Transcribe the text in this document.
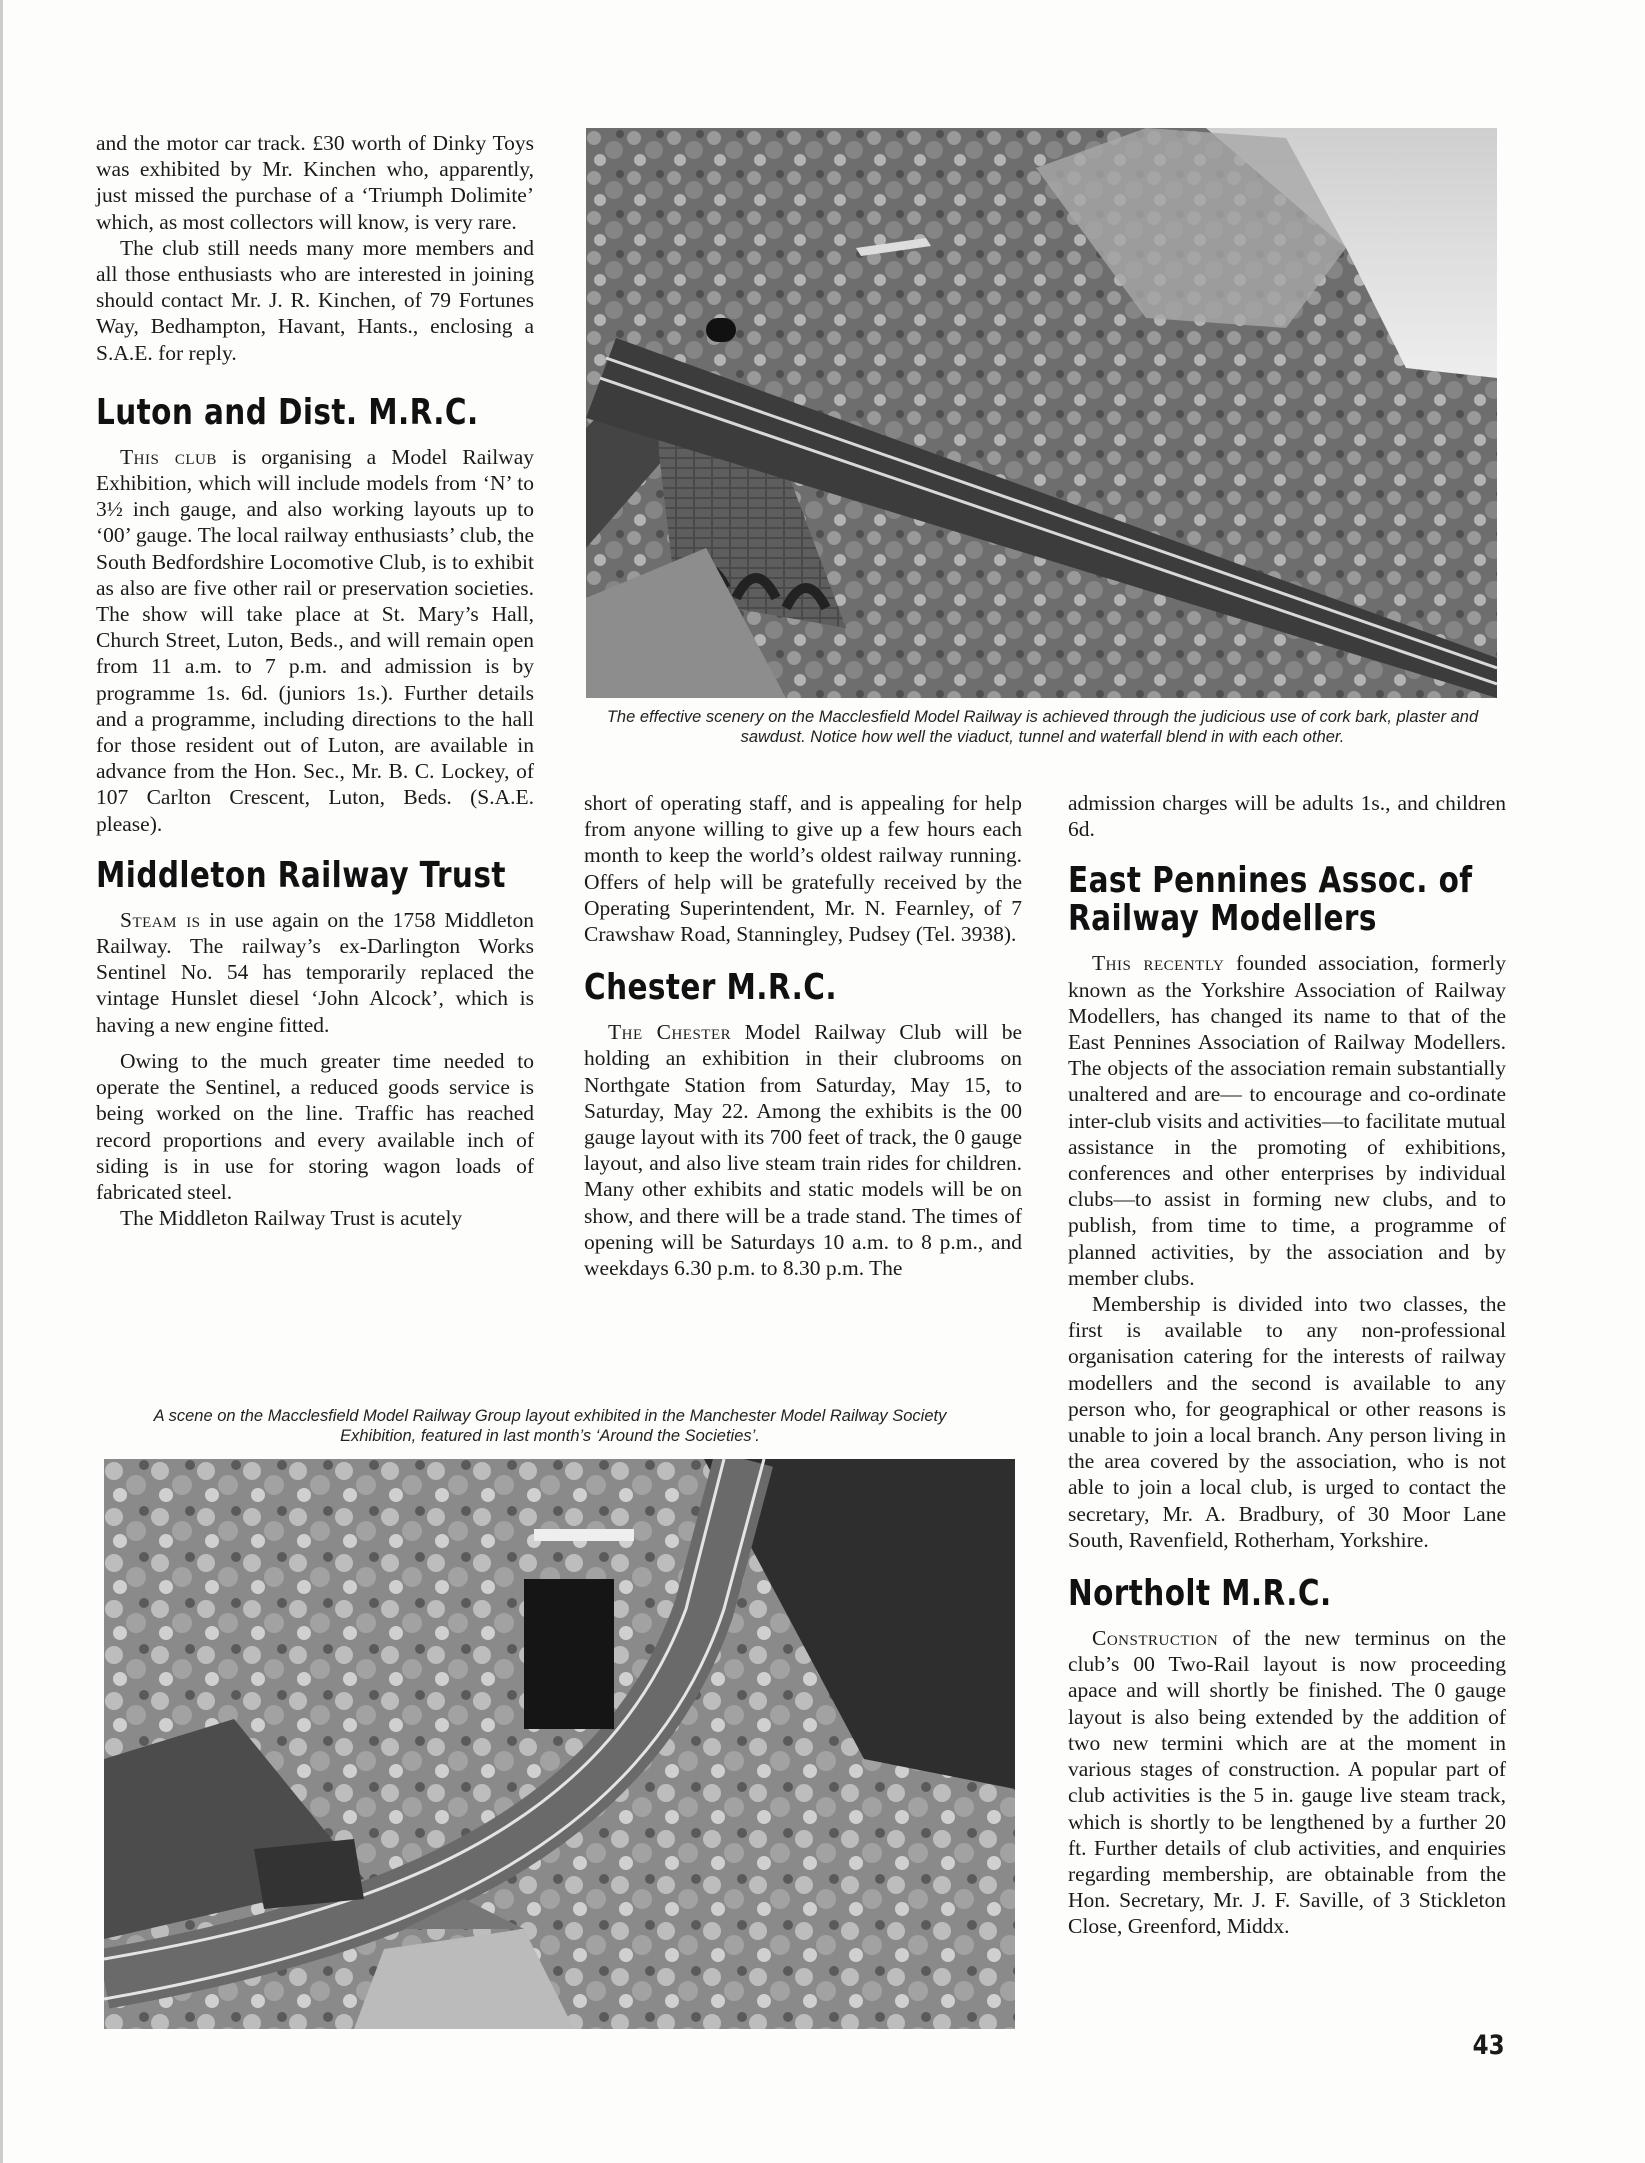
and the motor car track. £30 worth of Dinky Toys was exhibited by Mr. Kinchen who, apparently, just missed the purchase of a ‘Triumph Dolimite’ which, as most collectors will know, is very rare.

The club still needs many more members and all those enthusiasts who are interested in joining should contact Mr. J. R. Kinchen, of 79 Fortunes Way, Bedhampton, Havant, Hants., enclosing a S.A.E. for reply.

Luton and Dist. M.R.C.

This club is organising a Model Railway Exhibition, which will include models from ‘N’ to 3½ inch gauge, and also working layouts up to ‘00’ gauge. The local railway enthusiasts’ club, the South Bedfordshire Locomotive Club, is to exhibit as also are five other rail or preservation societies. The show will take place at St. Mary’s Hall, Church Street, Luton, Beds., and will remain open from 11 a.m. to 7 p.m. and admission is by programme 1s. 6d. (juniors 1s.). Further details and a programme, including directions to the hall for those resident out of Luton, are available in advance from the Hon. Sec., Mr. B. C. Lockey, of 107 Carlton Crescent, Luton, Beds. (S.A.E. please).

Middleton Railway Trust

Steam is in use again on the 1758 Middleton Railway. The railway’s ex-Darlington Works Sentinel No. 54 has temporarily replaced the vintage Hunslet diesel ‘John Alcock’, which is having a new engine fitted.

Owing to the much greater time needed to operate the Sentinel, a reduced goods service is being worked on the line. Traffic has reached record proportions and every available inch of siding is in use for storing wagon loads of fabricated steel.

The Middleton Railway Trust is acutely

The effective scenery on the Macclesfield Model Railway is achieved through the judicious use of cork bark, plaster and sawdust. Notice how well the viaduct, tunnel and waterfall blend in with each other.

short of operating staff, and is appealing for help from anyone willing to give up a few hours each month to keep the world’s oldest railway running. Offers of help will be gratefully received by the Operating Superintendent, Mr. N. Fearnley, of 7 Crawshaw Road, Stanningley, Pudsey (Tel. 3938).

Chester M.R.C.

The Chester Model Railway Club will be holding an exhibition in their clubrooms on Northgate Station from Saturday, May 15, to Saturday, May 22. Among the exhibits is the 00 gauge layout with its 700 feet of track, the 0 gauge layout, and also live steam train rides for children. Many other exhibits and static models will be on show, and there will be a trade stand. The times of opening will be Saturdays 10 a.m. to 8 p.m., and weekdays 6.30 p.m. to 8.30 p.m. The

A scene on the Macclesfield Model Railway Group layout exhibited in the Manchester Model Railway Society Exhibition, featured in last month’s ‘Around the Societies’.

admission charges will be adults 1s., and children 6d.

East Pennines Assoc. of
Railway Modellers

This recently founded association, formerly known as the Yorkshire Association of Railway Modellers, has changed its name to that of the East Pennines Association of Railway Modellers. The objects of the association remain substantially unaltered and are— to encourage and co-ordinate inter-club visits and activities—to facilitate mutual assistance in the promoting of exhibitions, conferences and other enterprises by individual clubs—to assist in forming new clubs, and to publish, from time to time, a programme of planned activities, by the association and by member clubs.

Membership is divided into two classes, the first is available to any non-professional organisation catering for the interests of railway modellers and the second is available to any person who, for geographical or other reasons is unable to join a local branch. Any person living in the area covered by the association, who is not able to join a local club, is urged to contact the secretary, Mr. A. Bradbury, of 30 Moor Lane South, Ravenfield, Rotherham, Yorkshire.

Northolt M.R.C.

Construction of the new terminus on the club’s 00 Two-Rail layout is now proceeding apace and will shortly be finished. The 0 gauge layout is also being extended by the addition of two new termini which are at the moment in various stages of construction. A popular part of club activities is the 5 in. gauge live steam track, which is shortly to be lengthened by a further 20 ft. Further details of club activities, and enquiries regarding membership, are obtainable from the Hon. Secretary, Mr. J. F. Saville, of 3 Stickleton Close, Greenford, Middx.

43
